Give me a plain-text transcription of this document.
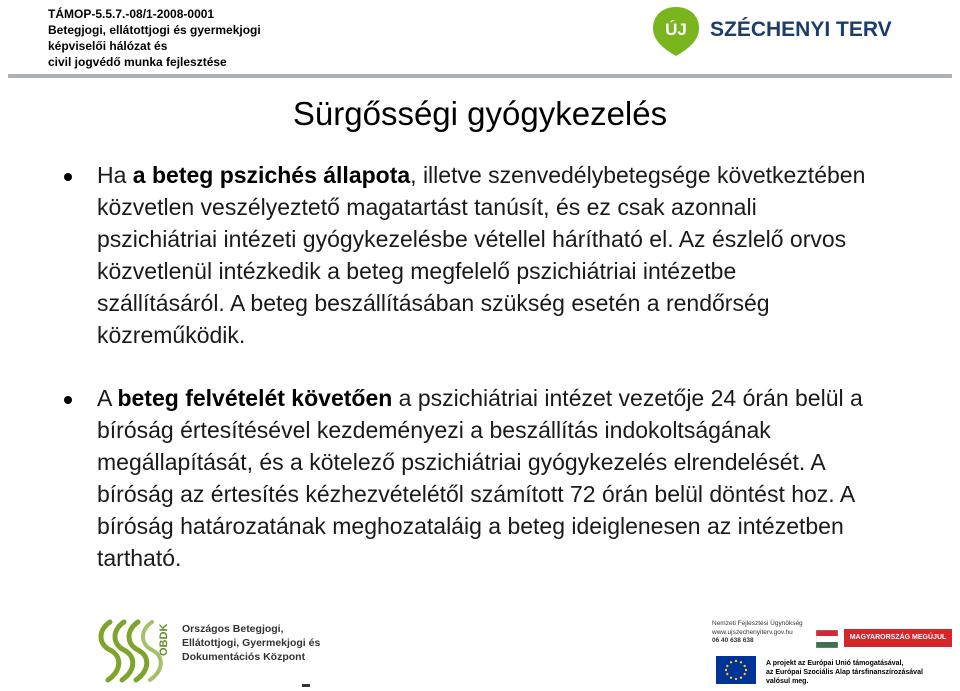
TÁMOP-5.5.7.-08/1-2008-0001
Betegjogi, ellátottjogi és gyermekjogi
képviselői hálózat és
civil jogvédő munka fejlesztése
ÚJ SZÉCHENYI TERV
Sürgősségi gyógykezelés
Ha a beteg pszichés állapota, illetve szenvedélybetegsége következtében
közvetlen veszélyeztető magatartást tanúsít, és ez csak azonnali
pszichiátriai intézeti gyógykezelésbe vétellel hárítható el. Az észlelő orvos
közvetlenül intézkedik a beteg megfelelő pszichiátriai intézetbe
szállításáról. A beteg beszállításában szükség esetén a rendőrség
közreműködik.
A beteg felvételét követően a pszichiátriai intézet vezetője 24 órán belül a
bíróság értesítésével kezdeményezi a beszállítás indokoltságának
megállapítását, és a kötelező pszichiátriai gyógykezelés elrendelését. A
bíróság az értesítés kézhezvételétől számított 72 órán belül döntést hoz. A
bíróság határozatának meghozataláig a beteg ideiglenesen az intézetben
tartható.
OBDK Országos Betegjogi,
Ellátottjogi, Gyermekjogi és
Dokumentációs Központ
Nemzeti Fejlesztési Ügynökség
www.ujszechenyiterv.gov.hu
06 40 638 638	MAGYARORSZÁG MEGÚJUL
A projekt az Európai Unió támogatásával,
az Európai Szociális Alap társfinanszírozásával
valósul meg.
